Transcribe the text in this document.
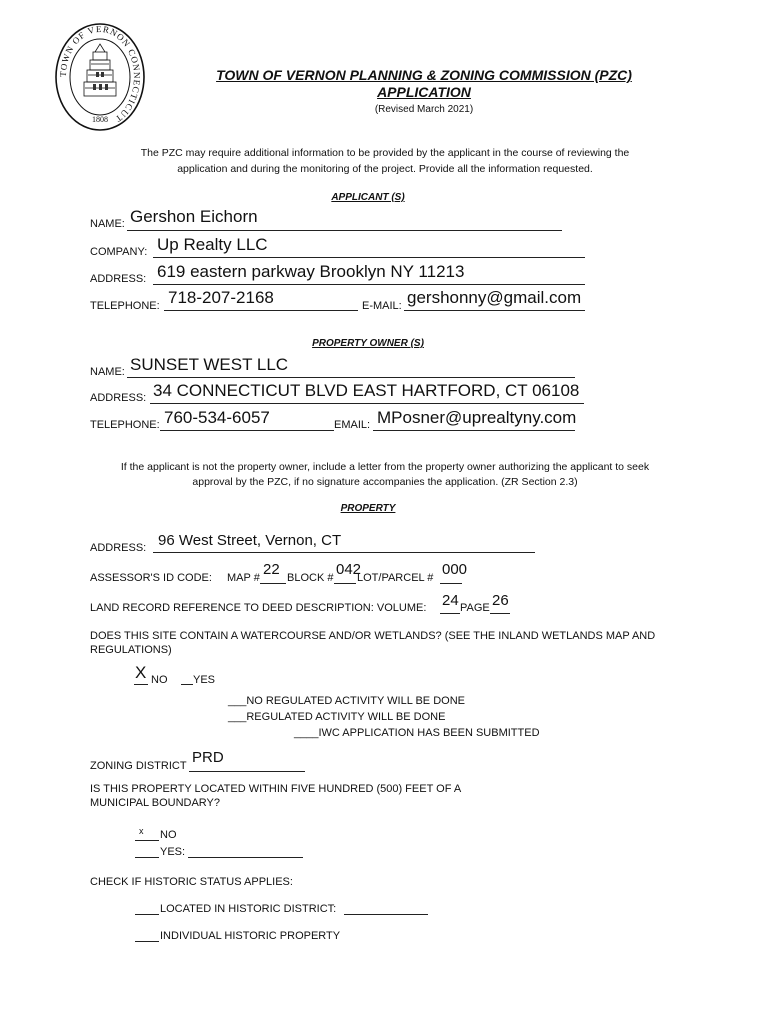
TOWN OF VERNON CONNECTICUT
1808
TOWN OF VERNON PLANNING & ZONING COMMISSION (PZC)
APPLICATION
(Revised March 2021)
The PZC may require additional information to be provided by the applicant in the course of reviewing the
application and during the monitoring of the project. Provide all the information requested.
APPLICANT (S)
NAME: Gershon Eichorn
COMPANY: Up Realty LLC
ADDRESS: 619 eastern parkway Brooklyn NY 11213
TELEPHONE: 718-207-2168	E-MAIL: gershonny@gmail.com
PROPERTY OWNER (S)
NAME: SUNSET WEST LLC
ADDRESS: 34 CONNECTICUT BLVD EAST HARTFORD, CT 06108
TELEPHONE: 760-534-6057	EMAIL: MPosner@uprealtyny.com
If the applicant is not the property owner, include a letter from the property owner authorizing the applicant to seek
approval by the PZC, if no signature accompanies the application. (ZR Section 2.3)
PROPERTY
ADDRESS: 96 West Street, Vernon, CT
ASSESSOR'S ID CODE: MAP # 22 BLOCK # 042
LOT/PARCEL # 000
LAND RECORD REFERENCE TO DEED DESCRIPTION: VOLUME: 24 PAGE 26
DOES THIS SITE CONTAIN A WATERCOURSE AND/OR WETLANDS? (SEE THE INLAND WETLANDS MAP AND
REGULATIONS)
X NO YES
___NO REGULATED ACTIVITY WILL BE DONE
___REGULATED ACTIVITY WILL BE DONE
____IWC APPLICATION HAS BEEN SUBMITTED
ZONING DISTRICT PRD
IS THIS PROPERTY LOCATED WITHIN FIVE HUNDRED (500) FEET OF A
MUNICIPAL BOUNDARY?
x NO
YES:
CHECK IF HISTORIC STATUS APPLIES:
LOCATED IN HISTORIC DISTRICT:
INDIVIDUAL HISTORIC PROPERTY
